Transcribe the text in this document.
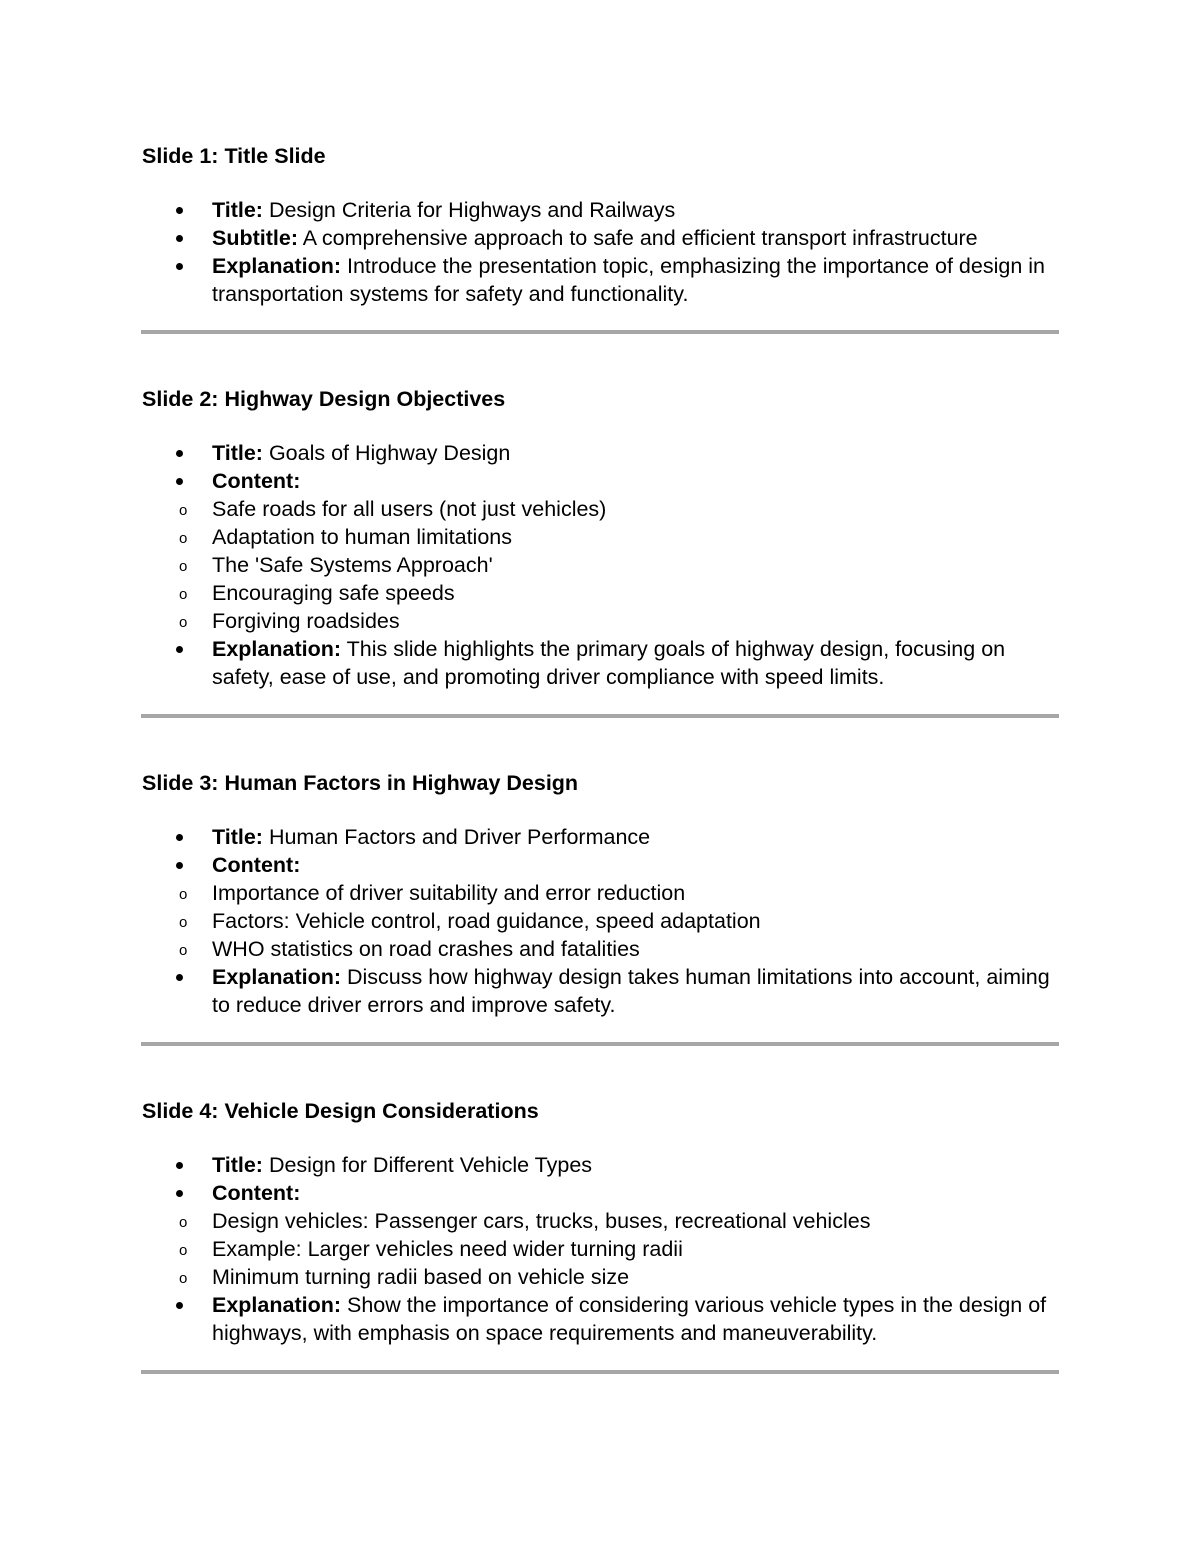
Slide 1: Title Slide
Title: Design Criteria for Highways and Railways
Subtitle: A comprehensive approach to safe and efficient transport infrastructure
Explanation: Introduce the presentation topic, emphasizing the importance of design in transportation systems for safety and functionality.
Slide 2: Highway Design Objectives
Title: Goals of Highway Design
Content:
o Safe roads for all users (not just vehicles)
o Adaptation to human limitations
o The 'Safe Systems Approach'
o Encouraging safe speeds
o Forgiving roadsides
Explanation: This slide highlights the primary goals of highway design, focusing on safety, ease of use, and promoting driver compliance with speed limits.
Slide 3: Human Factors in Highway Design
Title: Human Factors and Driver Performance
Content:
o Importance of driver suitability and error reduction
o Factors: Vehicle control, road guidance, speed adaptation
o WHO statistics on road crashes and fatalities
Explanation: Discuss how highway design takes human limitations into account, aiming to reduce driver errors and improve safety.
Slide 4: Vehicle Design Considerations
Title: Design for Different Vehicle Types
Content:
o Design vehicles: Passenger cars, trucks, buses, recreational vehicles
o Example: Larger vehicles need wider turning radii
o Minimum turning radii based on vehicle size
Explanation: Show the importance of considering various vehicle types in the design of highways, with emphasis on space requirements and maneuverability.
